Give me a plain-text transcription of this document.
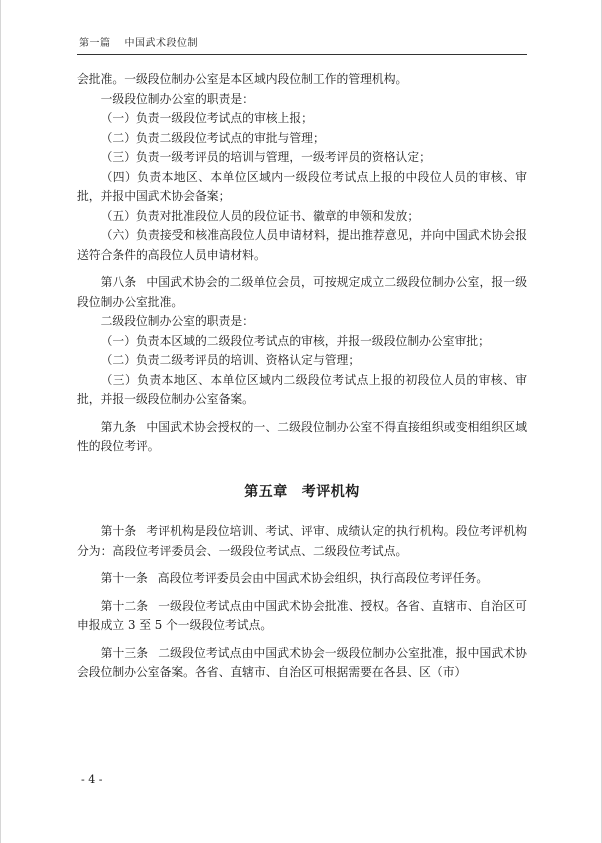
第一篇 中国武术段位制

会批准。一级段位制办公室是本区域内段位制工作的管理机构。

一级段位制办公室的职责是：

（一）负责一级段位考试点的审核上报；

（二）负责二级段位考试点的审批与管理；

（三）负责一级考评员的培训与管理，一级考评员的资格认定；

（四）负责本地区、本单位区域内一级段位考试点上报的中段位人员的审核、审批，并报中国武术协会备案；

（五）负责对批准段位人员的段位证书、徽章的申领和发放；

（六）负责接受和核准高段位人员申请材料，提出推荐意见，并向中国武术协会报送符合条件的高段位人员申请材料。

第八条 中国武术协会的二级单位会员，可按规定成立二级段位制办公室，报一级段位制办公室批准。

二级段位制办公室的职责是：

（一）负责本区域的二级段位考试点的审核，并报一级段位制办公室审批；

（二）负责二级考评员的培训、资格认定与管理；

（三）负责本地区、本单位区域内二级段位考试点上报的初段位人员的审核、审批，并报一级段位制办公室备案。

第九条 中国武术协会授权的一、二级段位制办公室不得直接组织或变相组织区域性的段位考评。

第五章 考评机构

第十条 考评机构是段位培训、考试、评审、成绩认定的执行机构。段位考评机构分为：高段位考评委员会、一级段位考试点、二级段位考试点。

第十一条 高段位考评委员会由中国武术协会组织，执行高段位考评任务。

第十二条 一级段位考试点由中国武术协会批准、授权。各省、直辖市、自治区可申报成立 3 至 5 个一级段位考试点。

第十三条 二级段位考试点由中国武术协会一级段位制办公室批准，报中国武术协会段位制办公室备案。各省、直辖市、自治区可根据需要在各县、区（市）

- 4 -
